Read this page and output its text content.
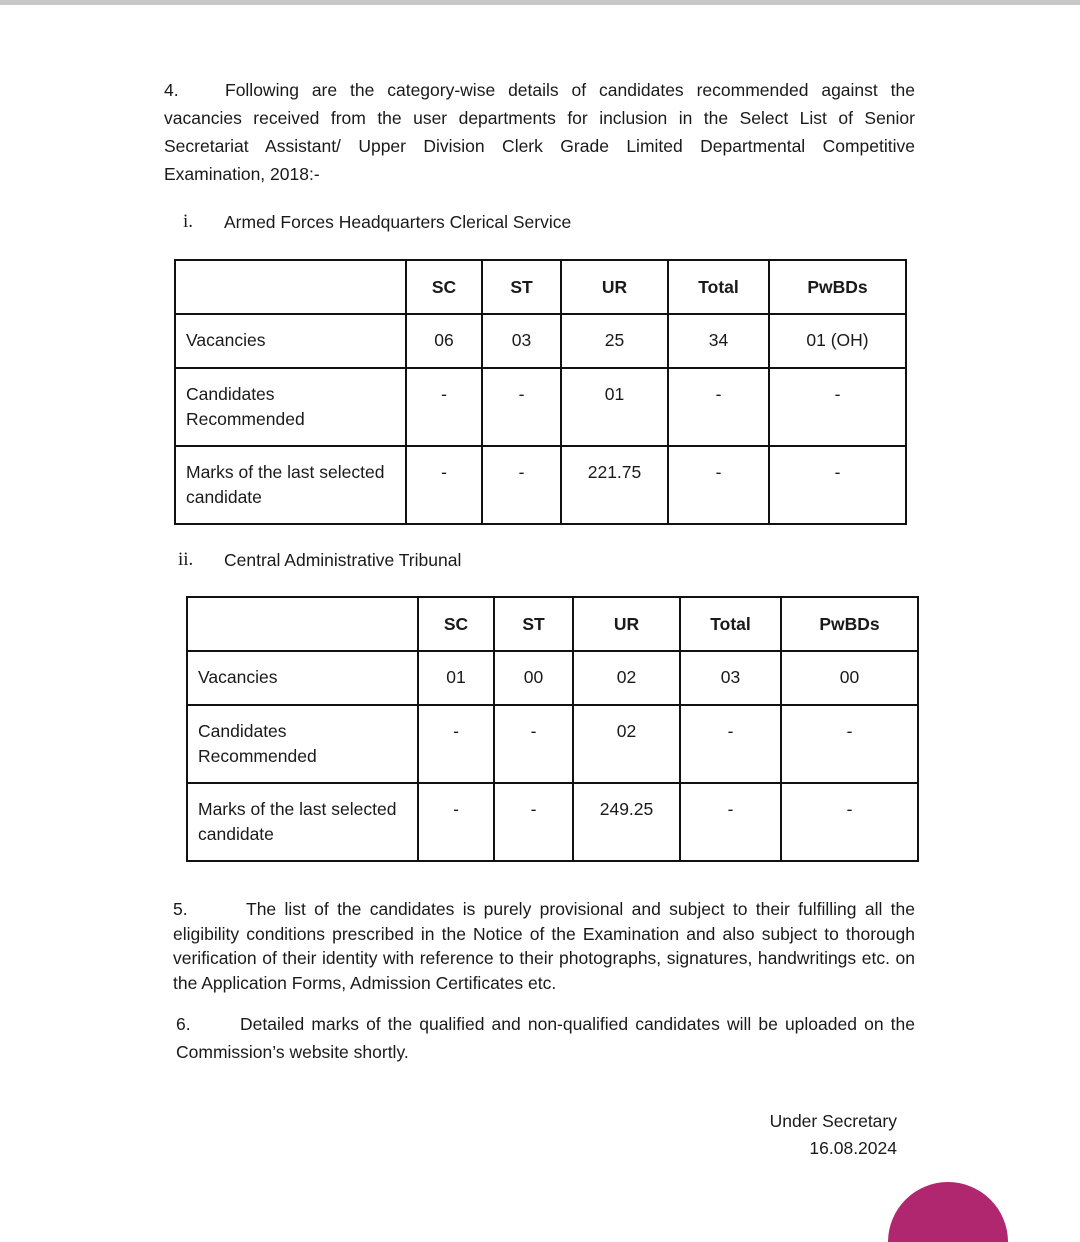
4.	Following are the category-wise details of candidates recommended against the vacancies received from the user departments for inclusion in the Select List of Senior Secretariat Assistant/ Upper Division Clerk Grade Limited Departmental Competitive Examination, 2018:-

i. Armed Forces Headquarters Clerical Service
	SC	ST	UR	Total	PwBDs
Vacancies	06	03	25	34	01 (OH)
Candidates Recommended	-	-	01	-	-
Marks of the last selected candidate	-	-	221.75	-	-
ii. Central Administrative Tribunal
	SC	ST	UR	Total	PwBDs
Vacancies	01	00	02	03	00
Candidates Recommended	-	-	02	-	-
Marks of the last selected candidate	-	-	249.25	-	-

5.	The list of the candidates is purely provisional and subject to their fulfilling all the eligibility conditions prescribed in the Notice of the Examination and also subject to thorough verification of their identity with reference to their photographs, signatures, handwritings etc. on the Application Forms, Admission Certificates etc.

6.	Detailed marks of the qualified and non-qualified candidates will be uploaded on the Commission’s website shortly.

Under Secretary
16.08.2024
